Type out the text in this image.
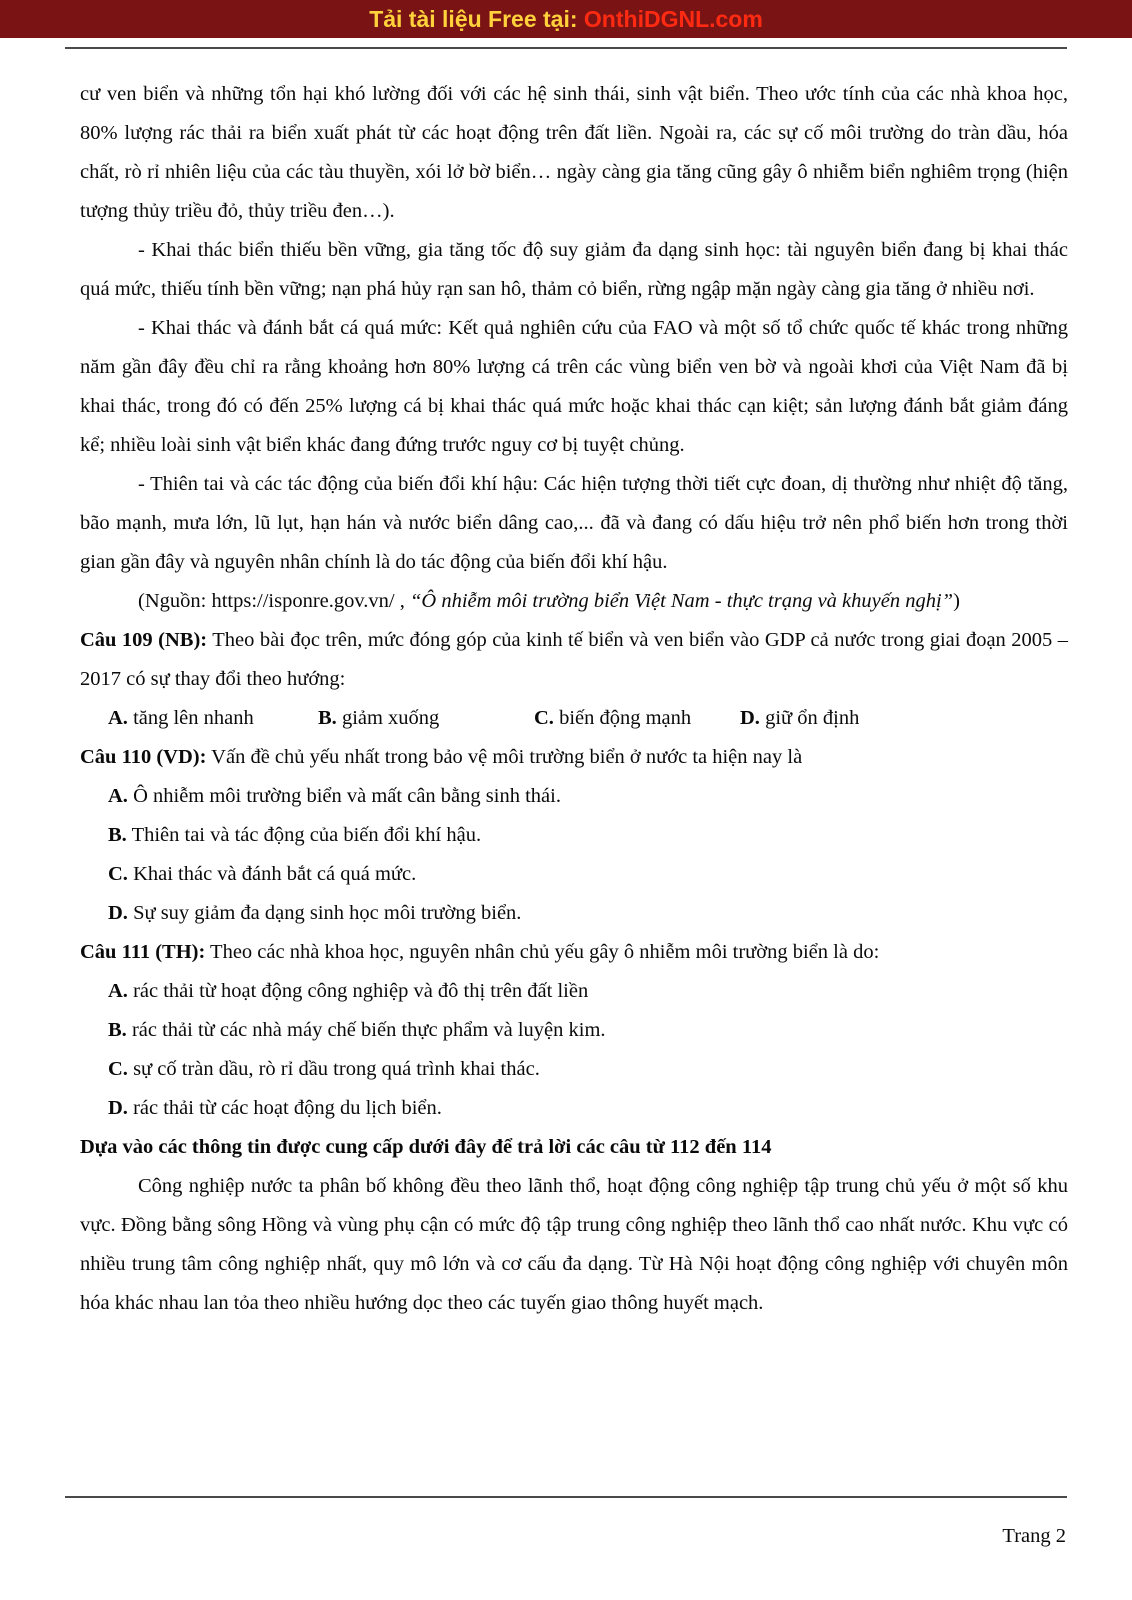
Tải tài liệu Free tại: OnthiDGNL.com

cư ven biển và những tổn hại khó lường đối với các hệ sinh thái, sinh vật biển. Theo ước tính của các nhà khoa học, 80% lượng rác thải ra biển xuất phát từ các hoạt động trên đất liền. Ngoài ra, các sự cố môi trường do tràn dầu, hóa chất, rò rỉ nhiên liệu của các tàu thuyền, xói lở bờ biển… ngày càng gia tăng cũng gây ô nhiễm biển nghiêm trọng (hiện tượng thủy triều đỏ, thủy triều đen…).

- Khai thác biển thiếu bền vững, gia tăng tốc độ suy giảm đa dạng sinh học: tài nguyên biển đang bị khai thác quá mức, thiếu tính bền vững; nạn phá hủy rạn san hô, thảm cỏ biển, rừng ngập mặn ngày càng gia tăng ở nhiều nơi.

- Khai thác và đánh bắt cá quá mức: Kết quả nghiên cứu của FAO và một số tổ chức quốc tế khác trong những năm gần đây đều chỉ ra rằng khoảng hơn 80% lượng cá trên các vùng biển ven bờ và ngoài khơi của Việt Nam đã bị khai thác, trong đó có đến 25% lượng cá bị khai thác quá mức hoặc khai thác cạn kiệt; sản lượng đánh bắt giảm đáng kể; nhiều loài sinh vật biển khác đang đứng trước nguy cơ bị tuyệt chủng.

- Thiên tai và các tác động của biến đổi khí hậu: Các hiện tượng thời tiết cực đoan, dị thường như nhiệt độ tăng, bão mạnh, mưa lớn, lũ lụt, hạn hán và nước biển dâng cao,... đã và đang có dấu hiệu trở nên phổ biến hơn trong thời gian gần đây và nguyên nhân chính là do tác động của biến đổi khí hậu.

(Nguồn: https://isponre.gov.vn/ , “Ô nhiễm môi trường biển Việt Nam - thực trạng và khuyến nghị”)

Câu 109 (NB): Theo bài đọc trên, mức đóng góp của kinh tế biển và ven biển vào GDP cả nước trong giai đoạn 2005 – 2017 có sự thay đổi theo hướng:

A. tăng lên nhanh	B. giảm xuống	C. biến động mạnh	D. giữ ổn định

Câu 110 (VD): Vấn đề chủ yếu nhất trong bảo vệ môi trường biển ở nước ta hiện nay là

A. Ô nhiễm môi trường biển và mất cân bằng sinh thái.
B. Thiên tai và tác động của biến đổi khí hậu.
C. Khai thác và đánh bắt cá quá mức.
D. Sự suy giảm đa dạng sinh học môi trường biển.

Câu 111 (TH): Theo các nhà khoa học, nguyên nhân chủ yếu gây ô nhiễm môi trường biển là do:

A. rác thải từ hoạt động công nghiệp và đô thị trên đất liền
B. rác thải từ các nhà máy chế biến thực phẩm và luyện kim.
C. sự cố tràn dầu, rò rỉ dầu trong quá trình khai thác.
D. rác thải từ các hoạt động du lịch biển.

Dựa vào các thông tin được cung cấp dưới đây để trả lời các câu từ 112 đến 114

Công nghiệp nước ta phân bố không đều theo lãnh thổ, hoạt động công nghiệp tập trung chủ yếu ở một số khu vực. Đồng bằng sông Hồng và vùng phụ cận có mức độ tập trung công nghiệp theo lãnh thổ cao nhất nước. Khu vực có nhiều trung tâm công nghiệp nhất, quy mô lớn và cơ cấu đa dạng. Từ Hà Nội hoạt động công nghiệp với chuyên môn hóa khác nhau lan tỏa theo nhiều hướng dọc theo các tuyến giao thông huyết mạch.

Trang 2
